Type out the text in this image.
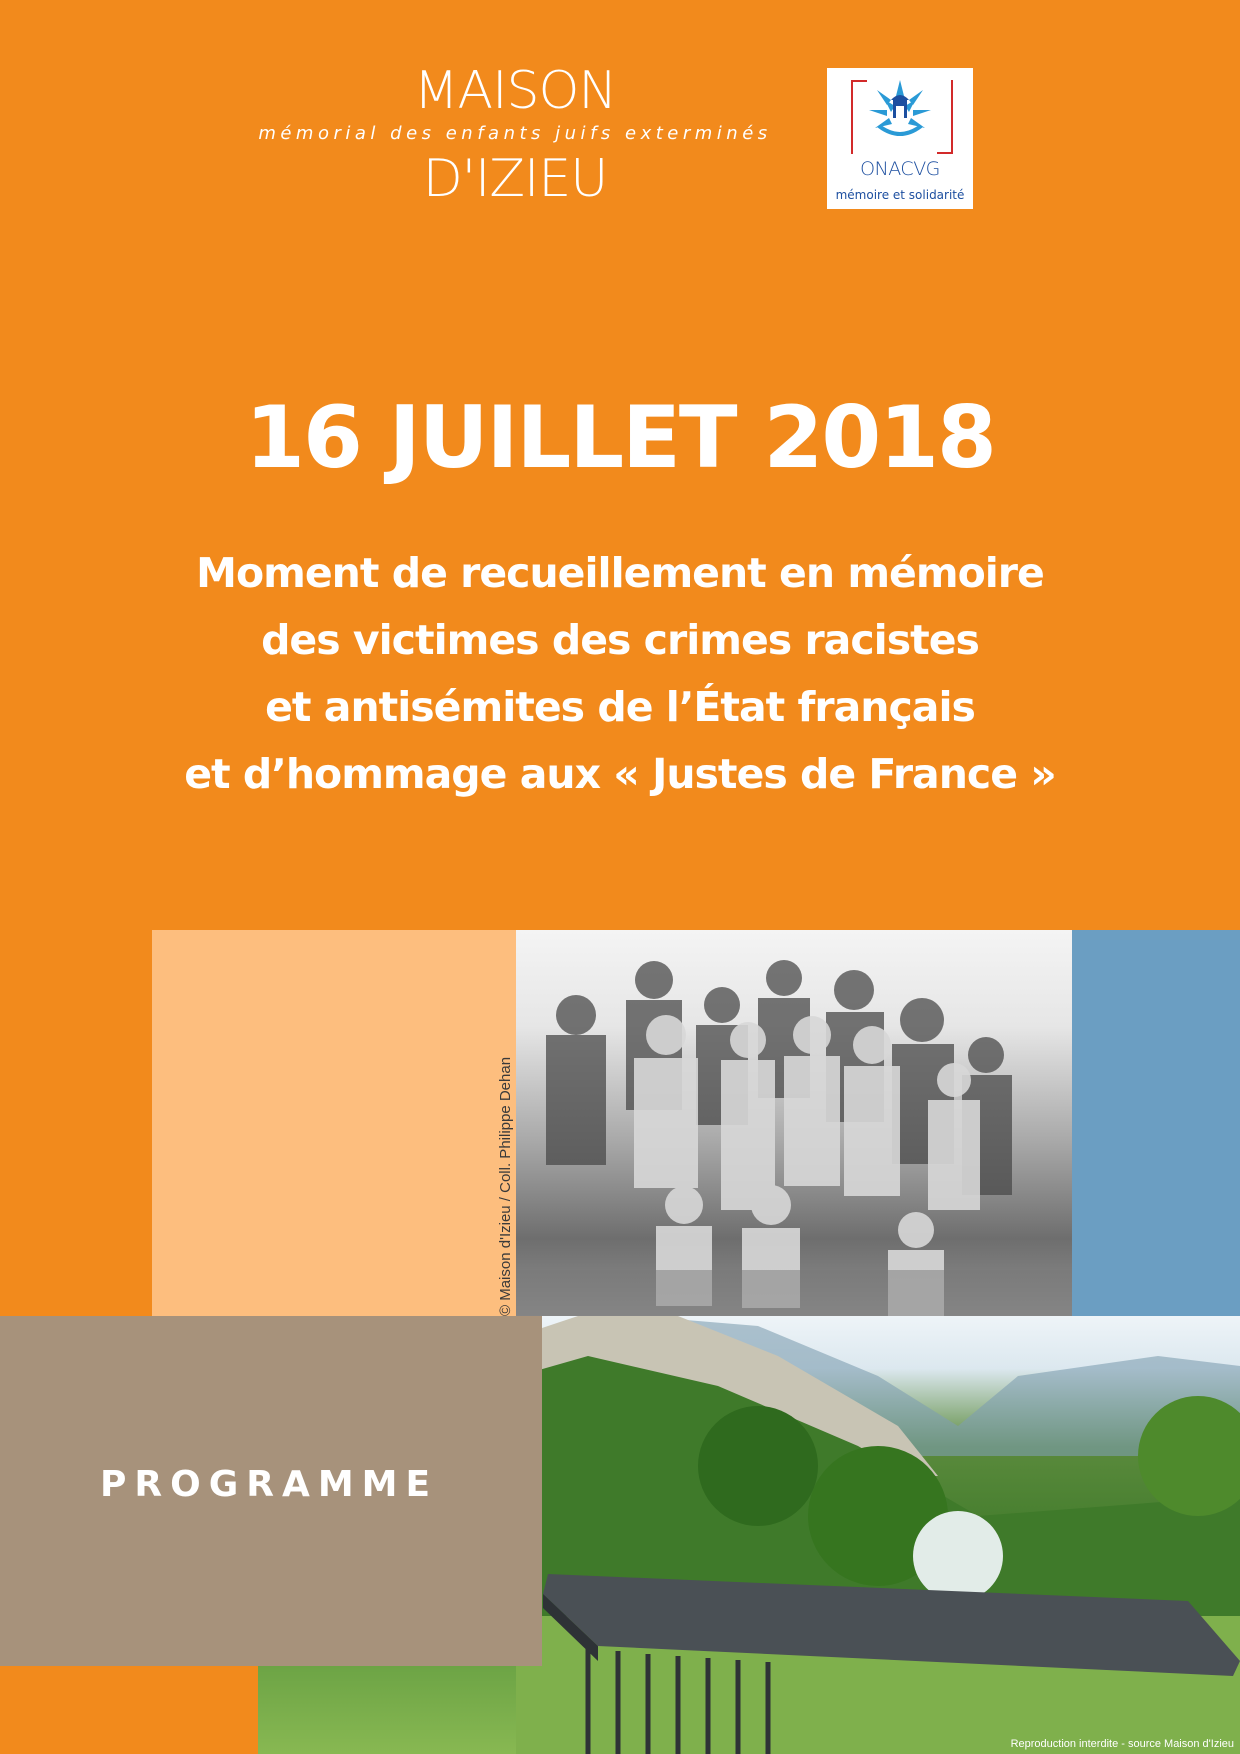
MAISON
mémorial des enfants juifs exterminés
D'IZIEU	ONACVG
mémoire et solidarité
16 JUILLET 2018
Moment de recueillement en mémoire
des victimes des crimes racistes
et antisémites de l’État français
et d’hommage aux « Justes de France »
© Maison d'Izieu / Coll. Philippe Dehan
PROGRAMME
Reproduction interdite - source Maison d'Izieu
